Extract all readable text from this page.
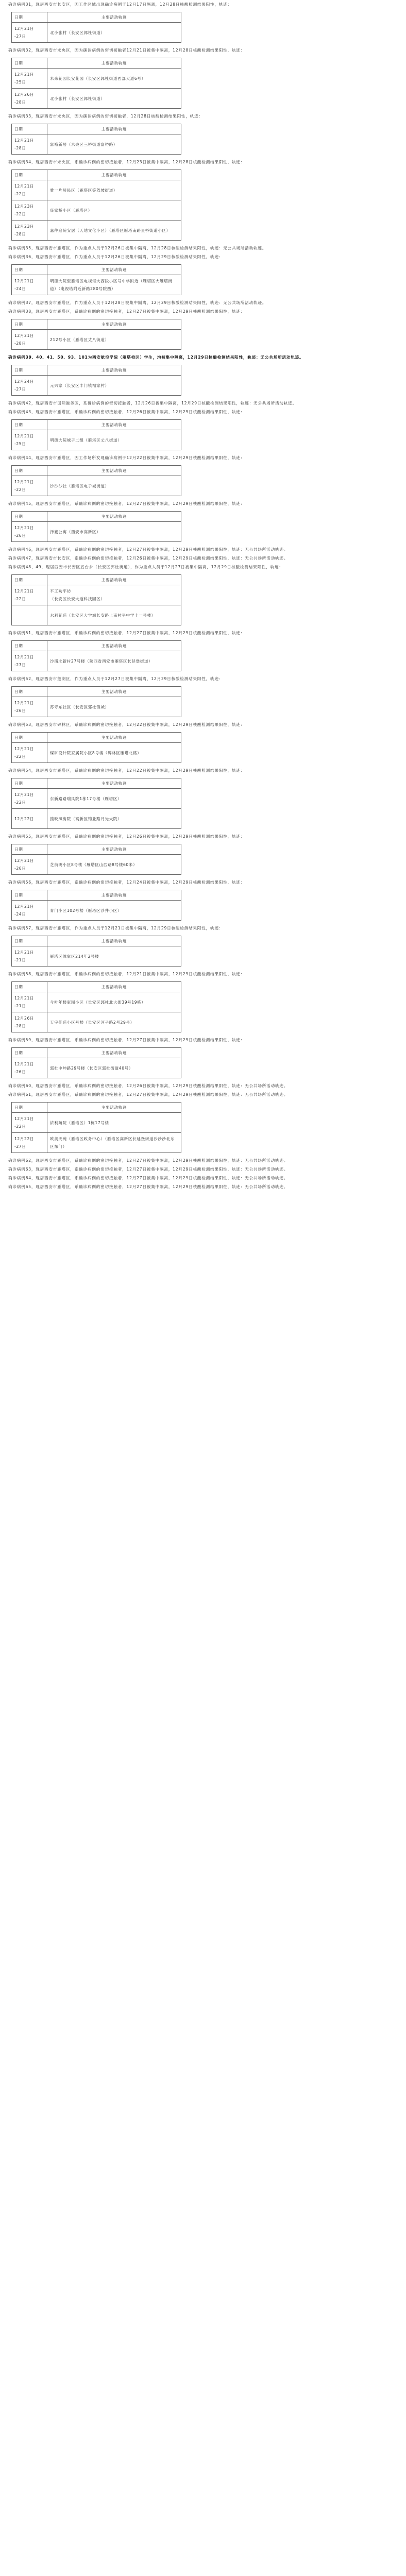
确诊病例31，现居西安市长安区，因工作区域出现确诊病例于12月17日隔离，12月28日核酸检测结果阳性，轨迹：

日期	主要活动轨迹
12月21日
-27日	北小张村（长安区郭杜街道）

确诊病例32，现居西安市未央区，因为确诊病例的密切接触者12月21日被集中隔离，12月28日核酸检测结果阳性，轨迹：

日期	主要活动轨迹
12月21日
-25日	未来花园长安花园（长安区郭杜街道西部大道6号）
12月26日
-28日	北小张村（长安区郭杜街道）

确诊病例33，现居西安市未央区，因为确诊病例的密切接触者，12月28日核酸检测结果阳性，轨迹：

日期	主要活动轨迹
12月21日
-28日	富裕新居（未央区三桥街道富裕路）

确诊病例34，现居西安市未央区，系确诊病例的密切接触者，12月23日被集中隔离，12月28日核酸检测结果阳性，轨迹：

日期	主要活动轨迹
12月21日
-22日	雅一片居民区（雁塔区等驾坡街道）
12月23日
-22日	庞家桥小区（雁塔区）
12月23日
-28日	嘉仲庭院安居（天地文化小区）（雁塔区雁塔南路星桥街道小区）

确诊病例35，现居西安市雁塔区，作为重点人员于12月26日被集中隔离，12月28日核酸检测结果阳性，轨迹：无公共场所活动轨迹。

确诊病例36，现居西安市雁塔区，作为重点人员于12月26日被集中隔离，12月29日核酸检测结果阳性，轨迹：

日期	主要活动轨迹
12月21日
-24日	明德大院至雁塔区电视塔大西段小区号中学附近（雁塔区大雁塔街道）（电视塔附近新路280号院西）

确诊病例37，现居西安市雁塔区，作为重点人员于12月28日被集中隔离，12月29日核酸检测结果阳性，轨迹：无公共场所活动轨迹。

确诊病例38，现居西安市雁塔区，系确诊病例的密切接触者，12月27日被集中隔离，12月29日核酸检测结果阳性，轨迹：

日期	主要活动轨迹
12月21日
-28日	212号小区（雁塔区丈八街道）

确诊病例39、40、41、50、93、101为西安航空学院（雁塔校区）学生，均被集中隔离，12月29日核酸检测结果阳性，轨迹：无公共场所活动轨迹。

日期	主要活动轨迹
12月24日
-27日	元兴家（长安区丰门镇福家村）

确诊病例42，现居西安市国际港务区，系确诊病例的密切接触者，12月26日被集中隔离，12月29日核酸检测结果阳性，轨迹：无公共场所活动轨迹。

确诊病例43，现居西安市雁塔区，系确诊病例的密切接触者，12月26日被集中隔离，12月29日核酸检测结果阳性，轨迹：

日期	主要活动轨迹
12月21日
-25日	明德大院城子二组（雁塔区丈八街道）

确诊病例44，现居西安市雁塔区，因工作场所发现确诊病例于12月22日被集中隔离，12月29日核酸检测结果阳性，轨迹：

日期	主要活动轨迹
12月21日
-22日	沙沙沙社（雁塔区电子城街道）

确诊病例45，现居西安市雁塔区，系确诊病例的密切接触者，12月27日被集中隔离，12月29日核酸检测结果阳性，轨迹：

日期	主要活动轨迹
12月21日
-26日	泽豪公寓（西安市高新区）

确诊病例46，现居西安市雁塔区，系确诊病例的密切接触者，12月27日被集中隔离，12月29日核酸检测结果阳性，轨迹：无公共场所活动轨迹。

确诊病例47，现居西安市长安区，系确诊病例的密切接触者，12月26日被集中隔离，12月29日核酸检测结果阳性，轨迹：无公共场所活动轨迹。

确诊病例48、49，现居西安市长安区五台乡（长安区郭杜街道），作为重点人员于12月27日被集中隔离，12月29日核酸检测结果阳性，轨迹：

日期	主要活动轨迹
12月21日
-22日	平工功平坊
（长安区长安大道科技园区）
	水利花苑（长安区大学城长安路上南村平中学十一号楼）

确诊病例51，现居西安市雁塔区，系确诊病例的密切接触者，12月27日被集中隔离，12月29日核酸检测结果阳性，轨迹：

日期	主要活动轨迹
12月21日
-27日	沙浦北新村27号楼（陕西省西安市雁塔区长延堡街道）

确诊病例52，现居西安市莲湖区，作为重点人员于12月27日被集中隔离，12月29日核酸检测结果阳性，轨迹：

日期	主要活动轨迹
12月21日
-26日	苏寺东社区（长安区郭杜镇城）

确诊病例53，现居西安市碑林区，系确诊病例的密切接触者，12月22日被集中隔离，12月29日核酸检测结果阳性，轨迹：

日期	主要活动轨迹
12月21日
-22日	煤矿设计院家属院小区8号楼（碑林区雁塔北路）

确诊病例54，现居西安市雁塔区，系确诊病例的密切接触者，12月22日被集中隔离，12月29日核酸检测结果阳性，轨迹：

日期	主要活动轨迹
12月21日
-22日	东新路路瑞风院1栋17号楼（雁塔区）
12月22日	揽映照房院（高新区锦业路月光大院）

确诊病例55，现居西安市雁塔区，系确诊病例的密切接触者，12月26日被集中隔离，12月29日核酸检测结果阳性，轨迹：

日期	主要活动轨迹
12月21日
-26日	芝前明小区8号楼（雁塔区山西路8号楼60米）

确诊病例56，现居西安市雁塔区，系确诊病例的密切接触者，12月24日被集中隔离，12月29日核酸检测结果阳性，轨迹：

日期	主要活动轨迹
12月21日
-24日	青门小区102号楼（雁塔区沙井小区）

确诊病例57，现居西安市雁塔区，作为重点人员于12月21日被集中隔离，12月29日核酸检测结果阳性，轨迹：

日期	主要活动轨迹
12月21日
-21日	雁塔区漳家区214年2号楼

确诊病例58，现居西安市雁塔区，系确诊病例的密切接触者，12月21日被集中隔离，12月29日核酸检测结果阳性，轨迹：

日期	主要活动轨迹
12月21日
-21日	今叶年楼家园小区（长安区郭杜北大街39号19栋）
12月26日
-28日	天宇佳苑小区号楼（长安区河子路2号29号）

确诊病例59，现居西安市雁塔区，系确诊病例的密切接触者，12月27日被集中隔离，12月29日核酸检测结果阳性，轨迹：

日期	主要活动轨迹
12月21日
-26日	郭杜中坤路29号楼（长安区郭杜街道40号）

确诊病例60，现居西安市雁塔区，系确诊病例的密切接触者，12月26日被集中隔离，12月29日核酸检测结果阳性，轨迹：无公共场所活动轨迹。

确诊病例61，现居西安市雁塔区，系确诊病例的密切接触者，12月27日被集中隔离，12月29日核酸检测结果阳性，轨迹：无公共场所活动轨迹。

日期	主要活动轨迹
12月21日
-22日	浓利苑院（雁塔区）1栋17号楼
12月22日
-27日	欧美天苑（雁塔区政务中心）（雁塔区高新区长延堡街道沙沙沙北东区东门）

确诊病例62，现居西安市雁塔区，系确诊病例的密切接触者，12月27日被集中隔离，12月29日核酸检测结果阳性，轨迹：无公共场所活动轨迹。

确诊病例63，现居西安市雁塔区，系确诊病例的密切接触者，12月27日被集中隔离，12月29日核酸检测结果阳性，轨迹：无公共场所活动轨迹。

确诊病例64，现居西安市雁塔区，系确诊病例的密切接触者，12月27日被集中隔离，12月29日核酸检测结果阳性，轨迹：无公共场所活动轨迹。

确诊病例65，现居西安市雁塔区，系确诊病例的密切接触者，12月27日被集中隔离，12月29日核酸检测结果阳性，轨迹：无公共场所活动轨迹。
